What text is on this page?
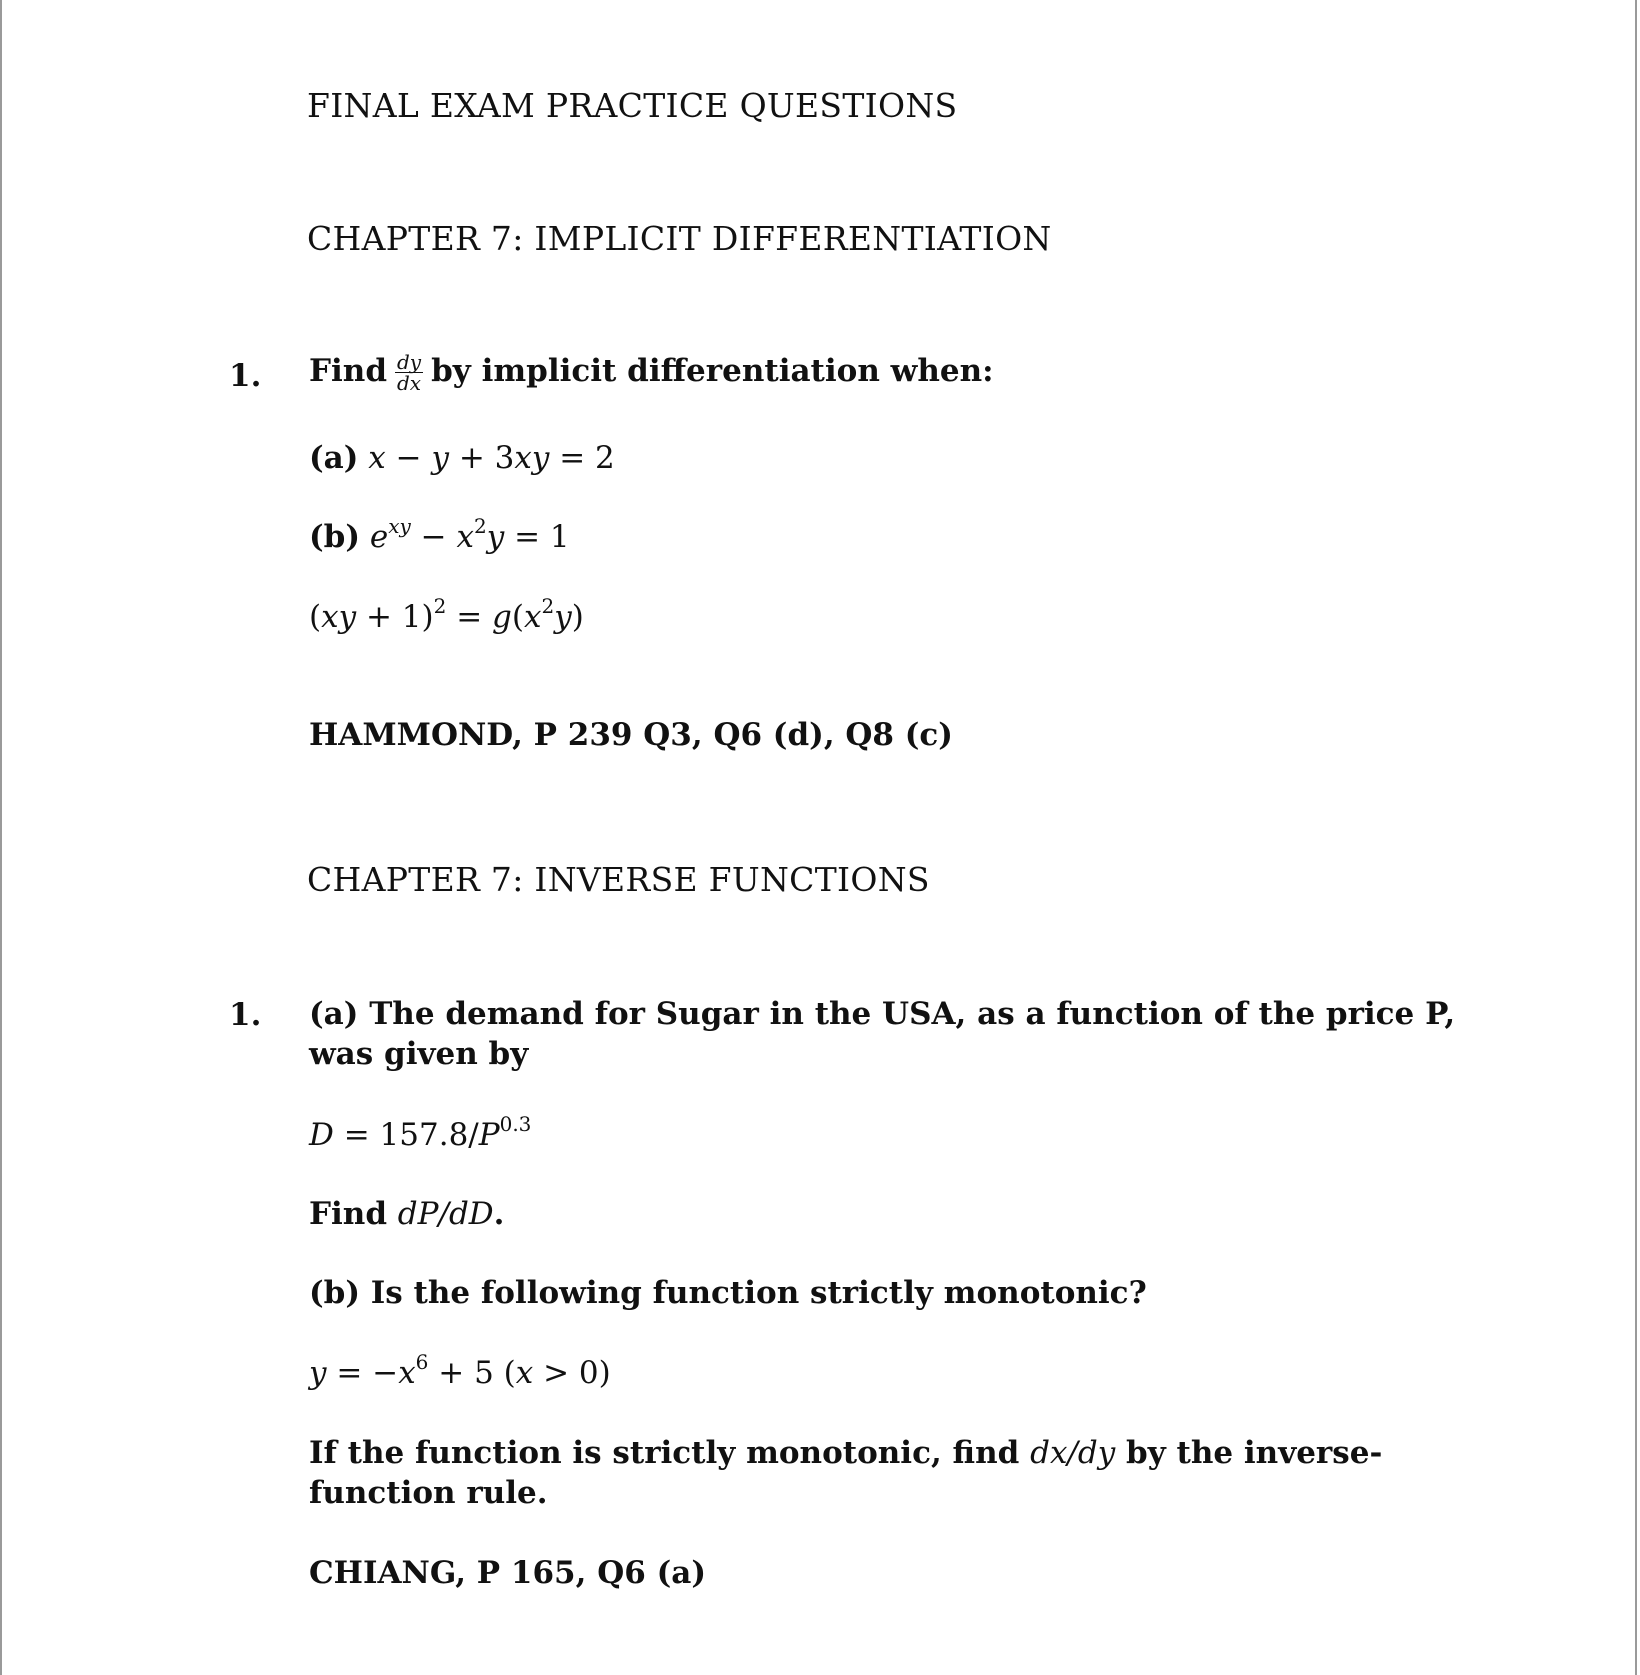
FINAL EXAM PRACTICE QUESTIONS
CHAPTER 7: IMPLICIT DIFFERENTIATION
1. Find $\frac{dy}{dx}$ by implicit differentiation when:
(a) x − y + 3xy = 2
(b) $e^{xy} - x^2y = 1$
$(xy + 1)^2 = g(x^2y)$
HAMMOND, P 239 Q3, Q6 (d), Q8 (c)
CHAPTER 7: INVERSE FUNCTIONS
1. (a) The demand for Sugar in the USA, as a function of the price P, was given by
$D = 157.8/P^{0.3}$
Find dP/dD.
(b) Is the following function strictly monotonic?
$y = -x^6 + 5$ (x > 0)
If the function is strictly monotonic, find dx/dy by the inverse-function rule.
CHIANG, P 165, Q6 (a)
